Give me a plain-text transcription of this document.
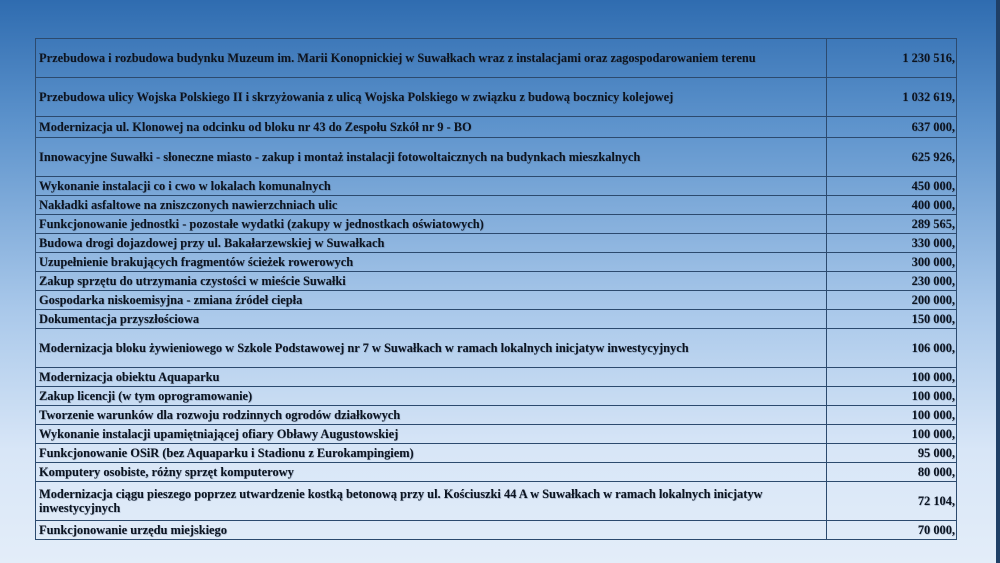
Przebudowa i rozbudowa budynku Muzeum im. Marii Konopnickiej w Suwałkach wraz z instalacjami oraz zagospodarowaniem terenu	1 230 516,
Przebudowa ulicy Wojska Polskiego II i skrzyżowania z ulicą Wojska Polskiego w związku z budową bocznicy kolejowej	1 032 619,
Modernizacja ul. Klonowej na odcinku od bloku nr 43 do Zespołu Szkół nr 9 - BO	637 000,
Innowacyjne Suwałki - słoneczne miasto - zakup i montaż instalacji fotowoltaicznych na budynkach mieszkalnych	625 926,
Wykonanie instalacji co i cwo w lokalach komunalnych	450 000,
Nakładki asfaltowe na zniszczonych nawierzchniach ulic	400 000,
Funkcjonowanie jednostki - pozostałe wydatki (zakupy w jednostkach oświatowych)	289 565,
Budowa drogi dojazdowej przy ul. Bakałarzewskiej w Suwałkach	330 000,
Uzupełnienie brakujących fragmentów ścieżek rowerowych	300 000,
Zakup sprzętu do utrzymania czystości w mieście Suwałki	230 000,
Gospodarka niskoemisyjna - zmiana źródeł ciepła	200 000,
Dokumentacja przyszłościowa	150 000,
Modernizacja bloku żywieniowego w Szkole Podstawowej nr 7 w Suwałkach w ramach lokalnych inicjatyw inwestycyjnych	106 000,
Modernizacja obiektu Aquaparku	100 000,
Zakup licencji (w tym oprogramowanie)	100 000,
Tworzenie warunków dla rozwoju rodzinnych ogrodów działkowych	100 000,
Wykonanie instalacji upamiętniającej ofiary Obławy Augustowskiej	100 000,
Funkcjonowanie OSiR (bez Aquaparku i Stadionu z Eurokampingiem)	95 000,
Komputery osobiste, różny sprzęt komputerowy	80 000,
Modernizacja ciągu pieszego poprzez utwardzenie kostką betonową przy ul. Kościuszki 44 A w Suwałkach w ramach lokalnych inicjatyw inwestycyjnych	72 104,
Funkcjonowanie urzędu miejskiego	70 000,
